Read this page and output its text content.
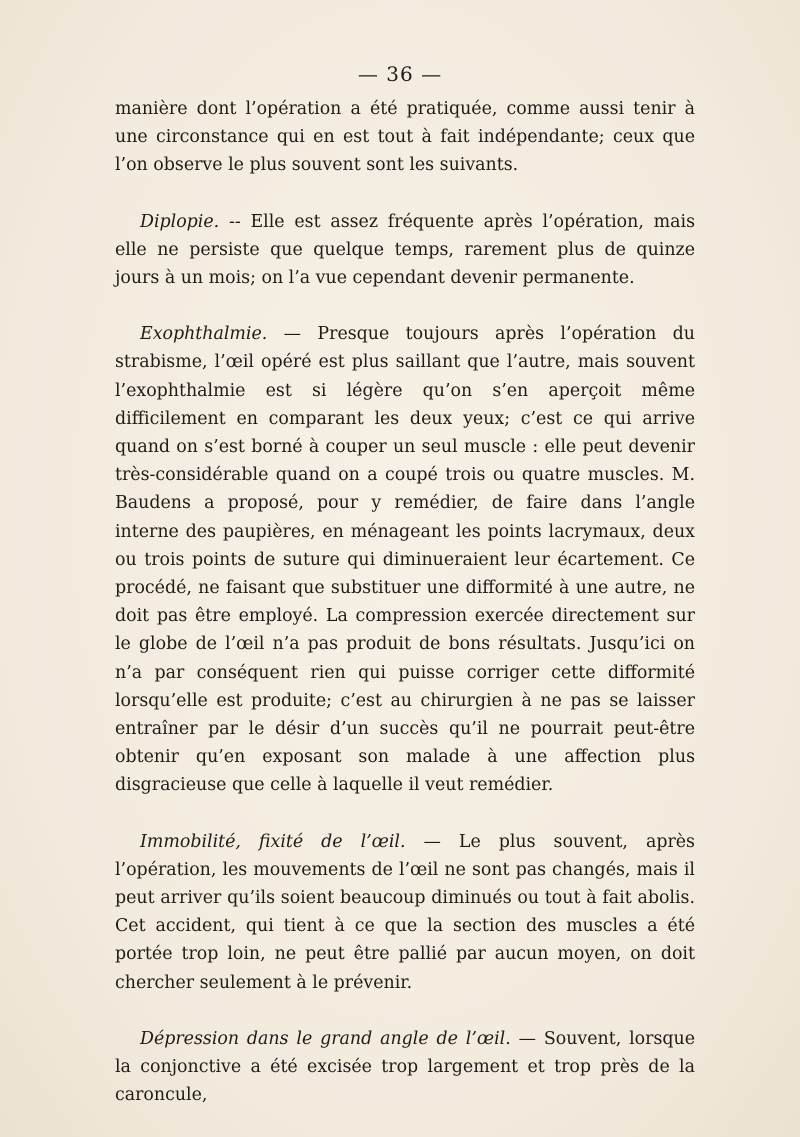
— 36 —

manière dont l’opération a été pratiquée, comme aussi tenir à une circonstance qui en est tout à fait indépendante; ceux que l’on observe le plus souvent sont les suivants.

Diplopie. -- Elle est assez fréquente après l’opération, mais elle ne persiste que quelque temps, rarement plus de quinze jours à un mois; on l’a vue cependant devenir permanente.

Exophthalmie. — Presque toujours après l’opération du strabisme, l’œil opéré est plus saillant que l’autre, mais souvent l’exophthalmie est si légère qu’on s’en aperçoit même difficilement en comparant les deux yeux; c’est ce qui arrive quand on s’est borné à couper un seul muscle : elle peut devenir très-considérable quand on a coupé trois ou quatre muscles. M. Baudens a proposé, pour y remédier, de faire dans l’angle interne des paupières, en ménageant les points lacrymaux, deux ou trois points de suture qui diminueraient leur écartement. Ce procédé, ne faisant que substituer une difformité à une autre, ne doit pas être employé. La compression exercée directement sur le globe de l’œil n’a pas produit de bons résultats. Jusqu’ici on n’a par conséquent rien qui puisse corriger cette difformité lorsqu’elle est produite; c’est au chirurgien à ne pas se laisser entraîner par le désir d’un succès qu’il ne pourrait peut-être obtenir qu’en exposant son malade à une affection plus disgracieuse que celle à laquelle il veut remédier.

Immobilité, fixité de l’œil. — Le plus souvent, après l’opération, les mouvements de l’œil ne sont pas changés, mais il peut arriver qu’ils soient beaucoup diminués ou tout à fait abolis. Cet accident, qui tient à ce que la section des muscles a été portée trop loin, ne peut être pallié par aucun moyen, on doit chercher seulement à le prévenir.

Dépression dans le grand angle de l’œil. — Souvent, lorsque la conjonctive a été excisée trop largement et trop près de la caroncule,
